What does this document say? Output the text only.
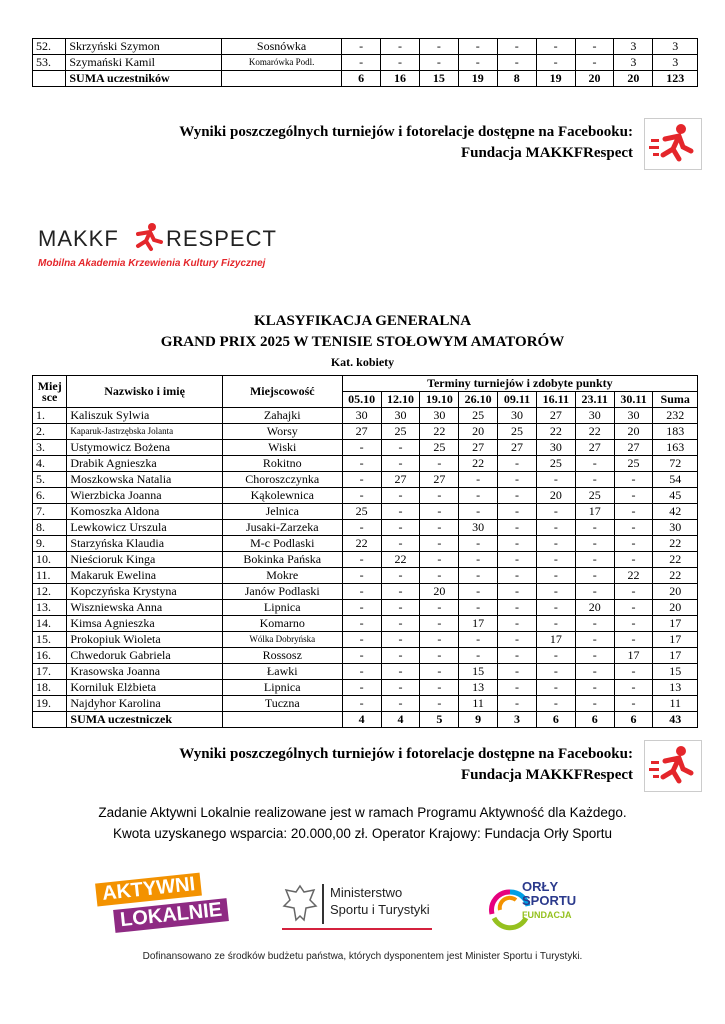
52.	Skrzyński Szymon	Sosnówka	-	-	-	-	-	-	-	3	3
53.	Szymański Kamil	Komarówka Podl.	-	-	-	-	-	-	-	3	3
	SUMA uczestników		6	16	15	19	8	19	20	20	123
Wyniki poszczególnych turniejów i fotorelacje dostępne na Facebooku:
Fundacja MAKKFRespect
MAKKF RESPECT
Mobilna Akademia Krzewienia Kultury Fizycznej
KLASYFIKACJA GENERALNA
GRAND PRIX 2025 W TENISIE STOŁOWYM AMATORÓW
Kat. kobiety
Miej sce	Nazwisko i imię	Miejscowość	Terminy turniejów i zdobyte punkty								
			05.10	12.10	19.10	26.10	09.11	16.11	23.11	30.11	Suma
1.	Kaliszuk Sylwia	Zahajki	30	30	30	25	30	27	30	30	232
2.	Kaparuk-Jastrzębska Jolanta	Worsy	27	25	22	20	25	22	22	20	183
3.	Ustymowicz Bożena	Wiski	-	-	25	27	27	30	27	27	163
4.	Drabik Agnieszka	Rokitno	-	-	-	22	-	25	-	25	72
5.	Moszkowska Natalia	Choroszczynka	-	27	27	-	-	-	-	-	54
6.	Wierzbicka Joanna	Kąkolewnica	-	-	-	-	-	20	25	-	45
7.	Komoszka Aldona	Jelnica	25	-	-	-	-	-	17	-	42
8.	Lewkowicz Urszula	Jusaki-Zarzeka	-	-	-	30	-	-	-	-	30
9.	Starzyńska Klaudia	M-c Podlaski	22	-	-	-	-	-	-	-	22
10.	Nieścioruk Kinga	Bokinka Pańska	-	22	-	-	-	-	-	-	22
11.	Makaruk Ewelina	Mokre	-	-	-	-	-	-	-	22	22
12.	Kopczyńska Krystyna	Janów Podlaski	-	-	20	-	-	-	-	-	20
13.	Wiszniewska Anna	Lipnica	-	-	-	-	-	-	20	-	20
14.	Kimsa Agnieszka	Komarno	-	-	-	17	-	-	-	-	17
15.	Prokopiuk Wioleta	Wólka Dobryńska	-	-	-	-	-	17	-	-	17
16.	Chwedoruk Gabriela	Rossosz	-	-	-	-	-	-	-	17	17
17.	Krasowska Joanna	Ławki	-	-	-	15	-	-	-	-	15
18.	Korniluk Elżbieta	Lipnica	-	-	-	13	-	-	-	-	13
19.	Najdyhor Karolina	Tuczna	-	-	-	11	-	-	-	-	11
	SUMA uczestniczek		4	4	5	9	3	6	6	6	43
Wyniki poszczególnych turniejów i fotorelacje dostępne na Facebooku:
Fundacja MAKKFRespect
Zadanie Aktywni Lokalnie realizowane jest w ramach Programu Aktywność dla Każdego.
Kwota uzyskanego wsparcia: 20.000,00 zł. Operator Krajowy: Fundacja Orły Sportu
AKTYWNI
LOKALNIE
Ministerstwo
Sportu i Turystyki
ORŁY
SPORTU
FUNDACJA
Dofinansowano ze środków budżetu państwa, których dysponentem jest Minister Sportu i Turystyki.
